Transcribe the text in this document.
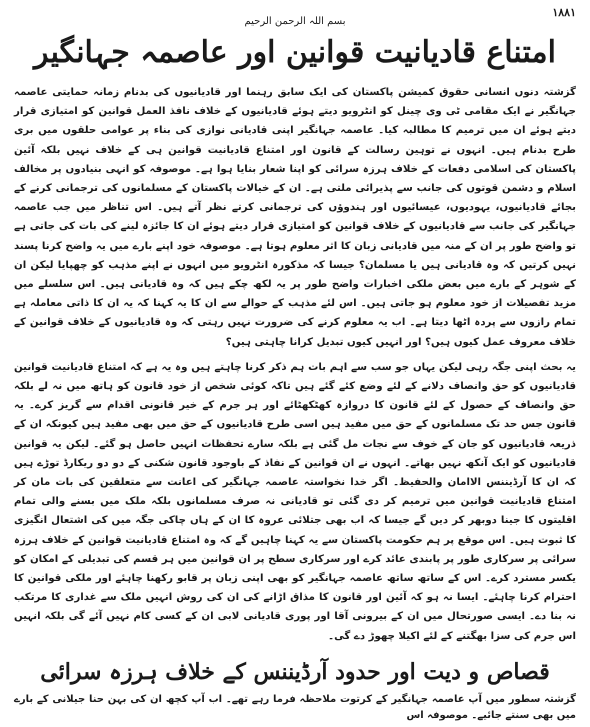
۱۸۸۱
بسم اللہ الرحمن الرحیم
امتناع قادیانیت قوانین اور عاصمہ جہانگیر

گزشتہ دنوں انسانی حقوق کمیشن پاکستان کی ایک سابق رہنما اور قادیانیوں کی بدنام زمانہ حمایتی عاصمہ جہانگیر نے ایک مقامی ٹی وی چینل کو انٹرویو دیتے ہوئے قادیانیوں کے خلاف نافذ العمل قوانین کو امتیازی قرار دیتے ہوئے ان میں ترمیم کا مطالبہ کیا۔ عاصمہ جہانگیر اپنی قادیانی نوازی کی بناء پر عوامی حلقوں میں بری طرح بدنام ہیں۔ انہوں نے توہین رسالت کے قانون اور امتناع قادیانیت قوانین ہی کے خلاف نہیں بلکہ آئین پاکستان کی اسلامی دفعات کے خلاف ہرزہ سرائی کو اپنا شعار بنایا ہوا ہے۔ موصوفہ کو انہی بنیادوں پر مخالف اسلام و دشمن قوتوں کی جانب سے پذیرائی ملتی ہے۔ ان کے خیالات پاکستان کے مسلمانوں کی ترجمانی کرنے کے بجائے قادیانیوں، یہودیوں، عیسائیوں اور ہندوؤں کی ترجمانی کرتے نظر آتے ہیں۔ اس تناظر میں جب عاصمہ جہانگیر کی جانب سے قادیانیوں کے خلاف قوانین کو امتیازی قرار دیتے ہوئے ان کا جائزہ لینے کی بات کی جاتی ہے تو واضح طور پر ان کے منہ میں قادیانی زبان کا اثر معلوم ہوتا ہے۔ موصوفہ خود اپنے بارے میں یہ واضح کرنا پسند نہیں کرتیں کہ وہ قادیانی ہیں یا مسلمان؟ جیسا کہ مذکورہ انٹرویو میں انہوں نے اپنے مذہب کو چھپایا لیکن ان کے شوہر کے بارے میں بعض ملکی اخبارات واضح طور پر یہ لکھ چکے ہیں کہ وہ قادیانی ہیں۔ اس سلسلے میں مزید تفصیلات از خود معلوم ہو جاتی ہیں۔ اس لئے مذہب کے حوالے سے ان کا یہ کہنا کہ یہ ان کا ذاتی معاملہ ہے تمام رازوں سے پردہ اٹھا دیتا ہے۔ اب یہ معلوم کرنے کی ضرورت نہیں رہتی کہ وہ قادیانیوں کے خلاف قوانین کے خلاف معروف عمل کیوں ہیں؟ اور انہیں کیوں تبدیل کرانا چاہتی ہیں؟

یہ بحث اپنی جگہ رہی لیکن یہاں جو سب سے اہم بات ہم ذکر کرنا چاہتے ہیں وہ یہ ہے کہ امتناع قادیانیت قوانین قادیانیوں کو حق وانصاف دلانے کے لئے وضع کئے گئے ہیں تاکہ کوئی شخص از خود قانون کو ہاتھ میں نہ لے بلکہ حق وانصاف کے حصول کے لئے قانون کا دروازہ کھٹکھٹائے اور ہر جرم کے خیر قانونی اقدام سے گریز کرے۔ یہ قانون جس حد تک مسلمانوں کے حق میں مفید ہیں اسی طرح قادیانیوں کے حق میں بھی مفید ہیں کیونکہ ان کے ذریعہ قادیانیوں کو جان کے خوف سے نجات مل گئی ہے بلکہ سارے تحفظات انہیں حاصل ہو گئے۔ لیکن یہ قوانین قادیانیوں کو ایک آنکھ نہیں بھاتے۔ انہوں نے ان قوانین کے نفاذ کے باوجود قانون شکنی کے دو دو ریکارڈ توڑے ہیں کہ ان کا آرڈیننس الاامان والحفیظ۔ اگر خدا نخواستہ عاصمہ جہانگیر کی اعانت سے متعلقین کی بات مان کر امتناع قادیانیت قوانین میں ترمیم کر دی گئی تو قادیانی نہ صرف مسلمانوں بلکہ ملک میں بسنے والی تمام اقلیتوں کا جینا دوبھر کر دیں گے جیسا کہ اب بھی جتلائی عروہ کا ان کے ہاں چاکی جگہ میں کی اشتعال انگیزی کا ثبوت ہیں۔ اس موقع پر ہم حکومت پاکستان سے یہ کہنا چاہیں گے کہ وہ امتناع قادیانیت قوانین کے خلاف ہرزہ سرائی پر سرکاری طور پر پابندی عائد کرے اور سرکاری سطح پر ان قوانین میں ہر قسم کی تبدیلی کے امکان کو یکسر مسترد کرے۔ اس کے ساتھ ساتھ عاصمہ جہانگیر کو بھی اپنی زبان پر قابو رکھنا چاہئے اور ملکی قوانین کا احترام کرنا چاہئے۔ ایسا نہ ہو کہ آئین اور قانون کا مذاق اڑانے کی ان کی روش انہیں ملک سے غداری کا مرتکب نہ بنا دے۔ ایسی صورتحال میں ان کے بیرونی آقا اور پوری قادیانی لابی ان کے کسی کام نہیں آئے گی بلکہ انہیں اس جرم کی سزا بھگتنے کے لئے اکیلا چھوڑ دے گی۔

قصاص و دیت اور حدود آرڈیننس کے خلاف ہرزہ سرائی

گزشتہ سطور میں آپ عاصمہ جہانگیر کے کرتوت ملاحظہ فرما رہے تھے۔ اب آپ کچھ ان کی بہن حنا جیلانی کے بارے میں بھی سنتے جائیے۔ موصوفہ اس
